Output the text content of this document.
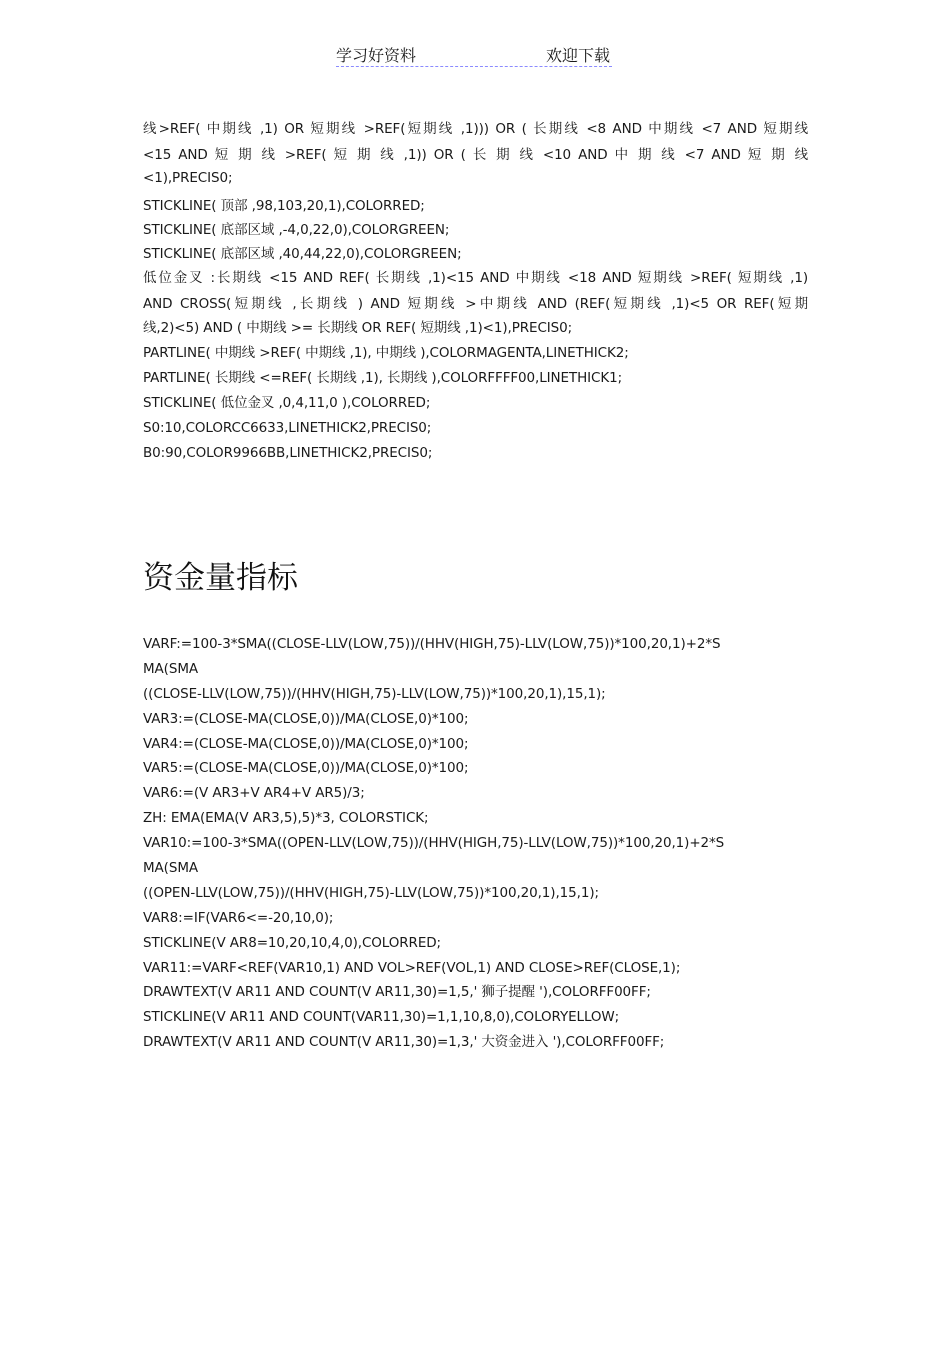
学习好资料	欢迎下载

线>REF( 中期线 ,1) OR 短期线 >REF(短期线 ,1))) OR ( 长期线 <8 AND 中期线 <7 AND 短期线

<15 AND 短 期 线 >REF( 短 期 线 ,1)) OR ( 长 期 线 <10 AND 中 期 线 <7 AND 短 期 线

<1),PRECIS0;

STICKLINE( 顶部 ,98,103,20,1),COLORRED;

STICKLINE( 底部区域 ,-4,0,22,0),COLORGREEN;

STICKLINE( 底部区域 ,40,44,22,0),COLORGREEN;

低位金叉 :长期线 <15 AND REF( 长期线 ,1)<15 AND 中期线 <18 AND 短期线 >REF( 短期线 ,1)

AND CROSS(短期线 ,长期线 ) AND 短期线 >中期线 AND (REF(短期线 ,1)<5 OR REF(短期

线,2)<5) AND ( 中期线 >= 长期线 OR REF( 短期线 ,1)<1),PRECIS0;

PARTLINE( 中期线 >REF( 中期线 ,1), 中期线 ),COLORMAGENTA,LINETHICK2;

PARTLINE( 长期线 <=REF( 长期线 ,1), 长期线 ),COLORFFFF00,LINETHICK1;

STICKLINE( 低位金叉 ,0,4,11,0 ),COLORRED;

S0:10,COLORCC6633,LINETHICK2,PRECIS0;

B0:90,COLOR9966BB,LINETHICK2,PRECIS0;

资金量指标

VARF:=100-3*SMA((CLOSE-LLV(LOW,75))/(HHV(HIGH,75)-LLV(LOW,75))*100,20,1)+2*S

MA(SMA

((CLOSE-LLV(LOW,75))/(HHV(HIGH,75)-LLV(LOW,75))*100,20,1),15,1);

VAR3:=(CLOSE-MA(CLOSE,0))/MA(CLOSE,0)*100;

VAR4:=(CLOSE-MA(CLOSE,0))/MA(CLOSE,0)*100;

VAR5:=(CLOSE-MA(CLOSE,0))/MA(CLOSE,0)*100;

VAR6:=(V AR3+V AR4+V AR5)/3;

ZH: EMA(EMA(V AR3,5),5)*3, COLORSTICK;

VAR10:=100-3*SMA((OPEN-LLV(LOW,75))/(HHV(HIGH,75)-LLV(LOW,75))*100,20,1)+2*S

MA(SMA

((OPEN-LLV(LOW,75))/(HHV(HIGH,75)-LLV(LOW,75))*100,20,1),15,1);

VAR8:=IF(VAR6<=-20,10,0);

STICKLINE(V AR8=10,20,10,4,0),COLORRED;

VAR11:=VARF<REF(VAR10,1) AND VOL>REF(VOL,1) AND CLOSE>REF(CLOSE,1);

DRAWTEXT(V AR11 AND COUNT(V AR11,30)=1,5,' 狮子提醒 '),COLORFF00FF;

STICKLINE(V AR11 AND COUNT(VAR11,30)=1,1,10,8,0),COLORYELLOW;

DRAWTEXT(V AR11 AND COUNT(V AR11,30)=1,3,' 大资金进入 '),COLORFF00FF;
